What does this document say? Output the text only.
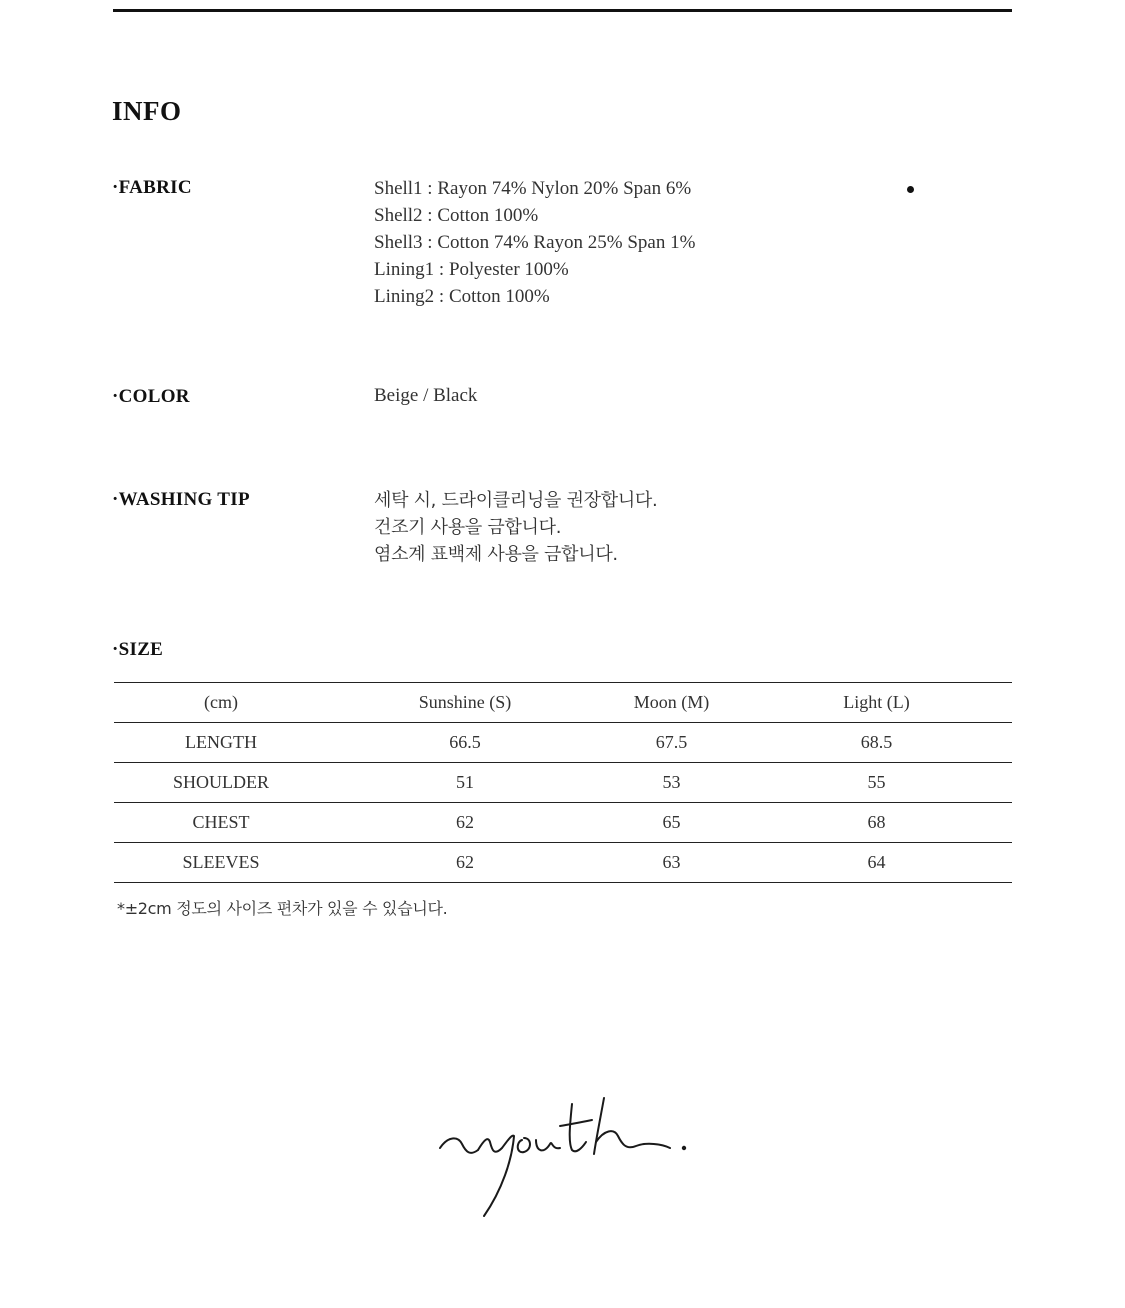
INFO
·FABRIC	Shell1 : Rayon 74% Nylon 20% Span 6%
Shell2 : Cotton 100%
Shell3 : Cotton 74% Rayon 25% Span 1%
Lining1 : Polyester 100%
Lining2 : Cotton 100%
·COLOR	Beige / Black
·WASHING TIP	세탁 시, 드라이클리닝을 권장합니다.
건조기 사용을 금합니다.
염소계 표백제 사용을 금합니다.
·SIZE
(cm)	Sunshine (S)	Moon (M)	Light (L)
LENGTH	66.5	67.5	68.5
SHOULDER	51	53	55
CHEST	62	65	68
SLEEVES	62	63	64
*±2cm 정도의 사이즈 편차가 있을 수 있습니다.
